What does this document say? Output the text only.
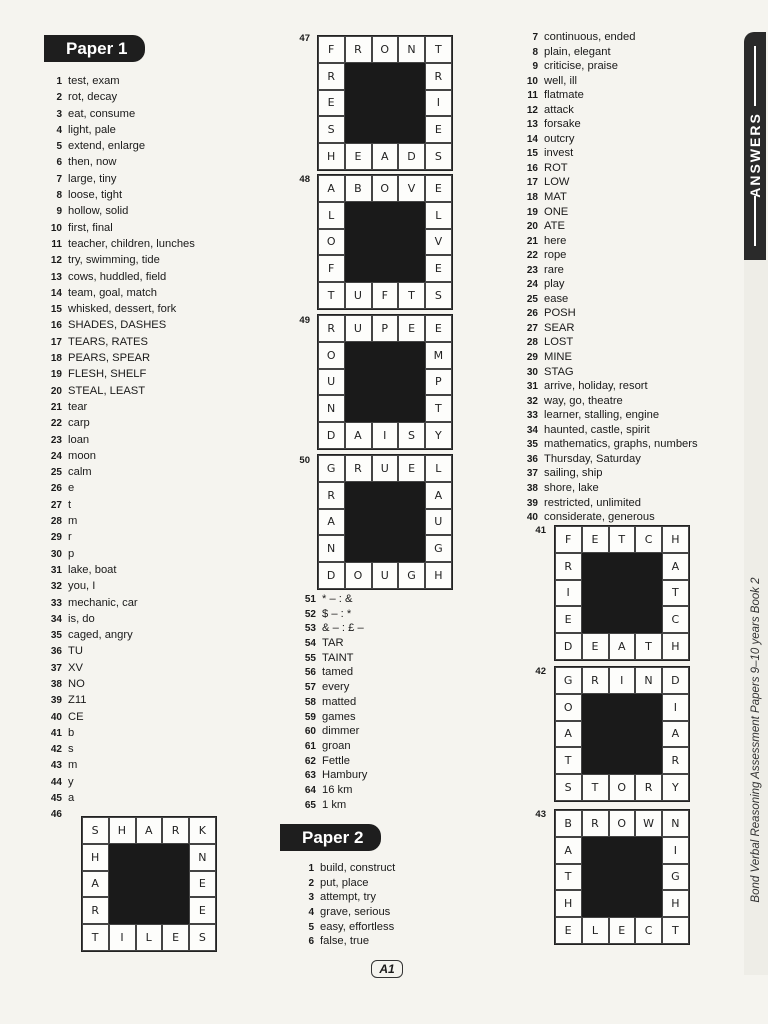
Paper 1
1 test, exam
2 rot, decay
3 eat, consume
4 light, pale
5 extend, enlarge
6 then, now
7 large, tiny
8 loose, tight
9 hollow, solid
10 first, final
11 teacher, children, lunches
12 try, swimming, tide
13 cows, huddled, field
14 team, goal, match
15 whisked, dessert, fork
16 SHADES, DASHES
17 TEARS, RATES
18 PEARS, SPEAR
19 FLESH, SHELF
20 STEAL, LEAST
21 tear
22 carp
23 loan
24 moon
25 calm
26 e
27 t
28 m
29 r
30 p
31 lake, boat
32 you, I
33 mechanic, car
34 is, do
35 caged, angry
36 TU
37 XV
38 NO
39 Z11
40 CE
41 b
42 s
43 m
44 y
45 a
46
51 * – : &
52 $ – : *
53 & – : £ –
54 TAR
55 TAINT
56 tamed
57 every
58 matted
59 games
60 dimmer
61 groan
62 Fettle
63 Hambury
64 16 km
65 1 km
Paper 2
1 build, construct
2 put, place
3 attempt, try
4 grave, serious
5 easy, effortless
6 false, true
7 continuous, ended
8 plain, elegant
9 criticise, praise
10 well, ill
11 flatmate
12 attack
13 forsake
14 outcry
15 invest
16 ROT
17 LOW
18 MAT
19 ONE
20 ATE
21 here
22 rope
23 rare
24 play
25 ease
26 POSH
27 SEAR
28 LOST
29 MINE
30 STAG
31 arrive, holiday, resort
32 way, go, theatre
33 learner, stalling, engine
34 haunted, castle, spirit
35 mathematics, graphs, numbers
36 Thursday, Saturday
37 sailing, ship
38 shore, lake
39 restricted, unlimited
40 considerate, generous
S	H	A	R	K
H	N
A	E
R	E
T	I	L	E	S
47
F	R	O	N	T
R	R
E	I
S	E
H	E	A	D	S
48
A	B	O	V	E
L	L
O	V
F	E
T	U	F	T	S
49
R	U	P	E	E
O	M
U	P
N	T
D	A	I	S	Y
50
G	R	U	E	L
R	A
A	U
N	G
D	O	U	G	H
41
F	E	T	C	H
R	A
I	T
E	C
D	E	A	T	H
42
G	R	I	N	D
O	I
A	A
T	R
S	T	O	R	Y
43
B	R	O	W	N
A	I
T	G
H	H
E	L	E	C	T
ANSWERS
Bond Verbal Reasoning Assessment Papers 9–10 years Book 2
A1
